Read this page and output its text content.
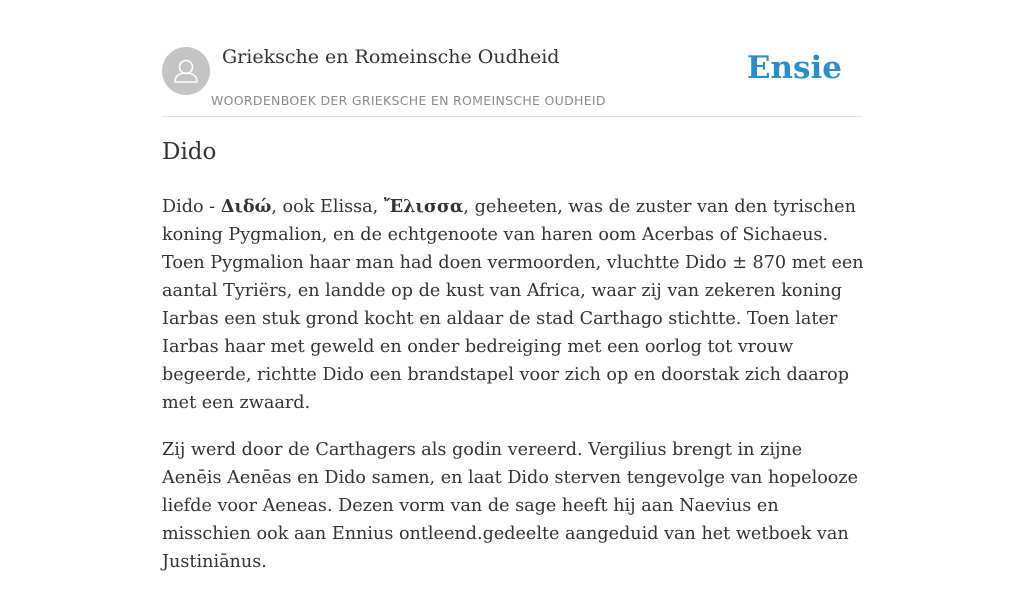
Grieksche en Romeinsche Oudheid
WOORDENBOEK DER GRIEKSCHE EN ROMEINSCHE OUDHEID
Ensie
Dido

Dido - Διδώ, ook Elissa, Ἔλισσα, geheeten, was de zuster van den tyrischen koning Pygmalion, en de echtgenoote van haren oom Acerbas of Sichaeus. Toen Pygmalion haar man had doen vermoorden, vluchtte Dido ± 870 met een aantal Tyriërs, en landde op de kust van Africa, waar zij van zekeren koning Iarbas een stuk grond kocht en aldaar de stad Carthago stichtte. Toen later Iarbas haar met geweld en onder bedreiging met een oorlog tot vrouw begeerde, richtte Dido een brandstapel voor zich op en doorstak zich daarop met een zwaard.

Zij werd door de Carthagers als godin vereerd. Vergilius brengt in zijne Aenēis Aenēas en Dido samen, en laat Dido sterven tengevolge van hopelooze liefde voor Aeneas. Dezen vorm van de sage heeft hij aan Naevius en misschien ook aan Ennius ontleend.gedeelte aangeduid van het wetboek van Justiniānus.
